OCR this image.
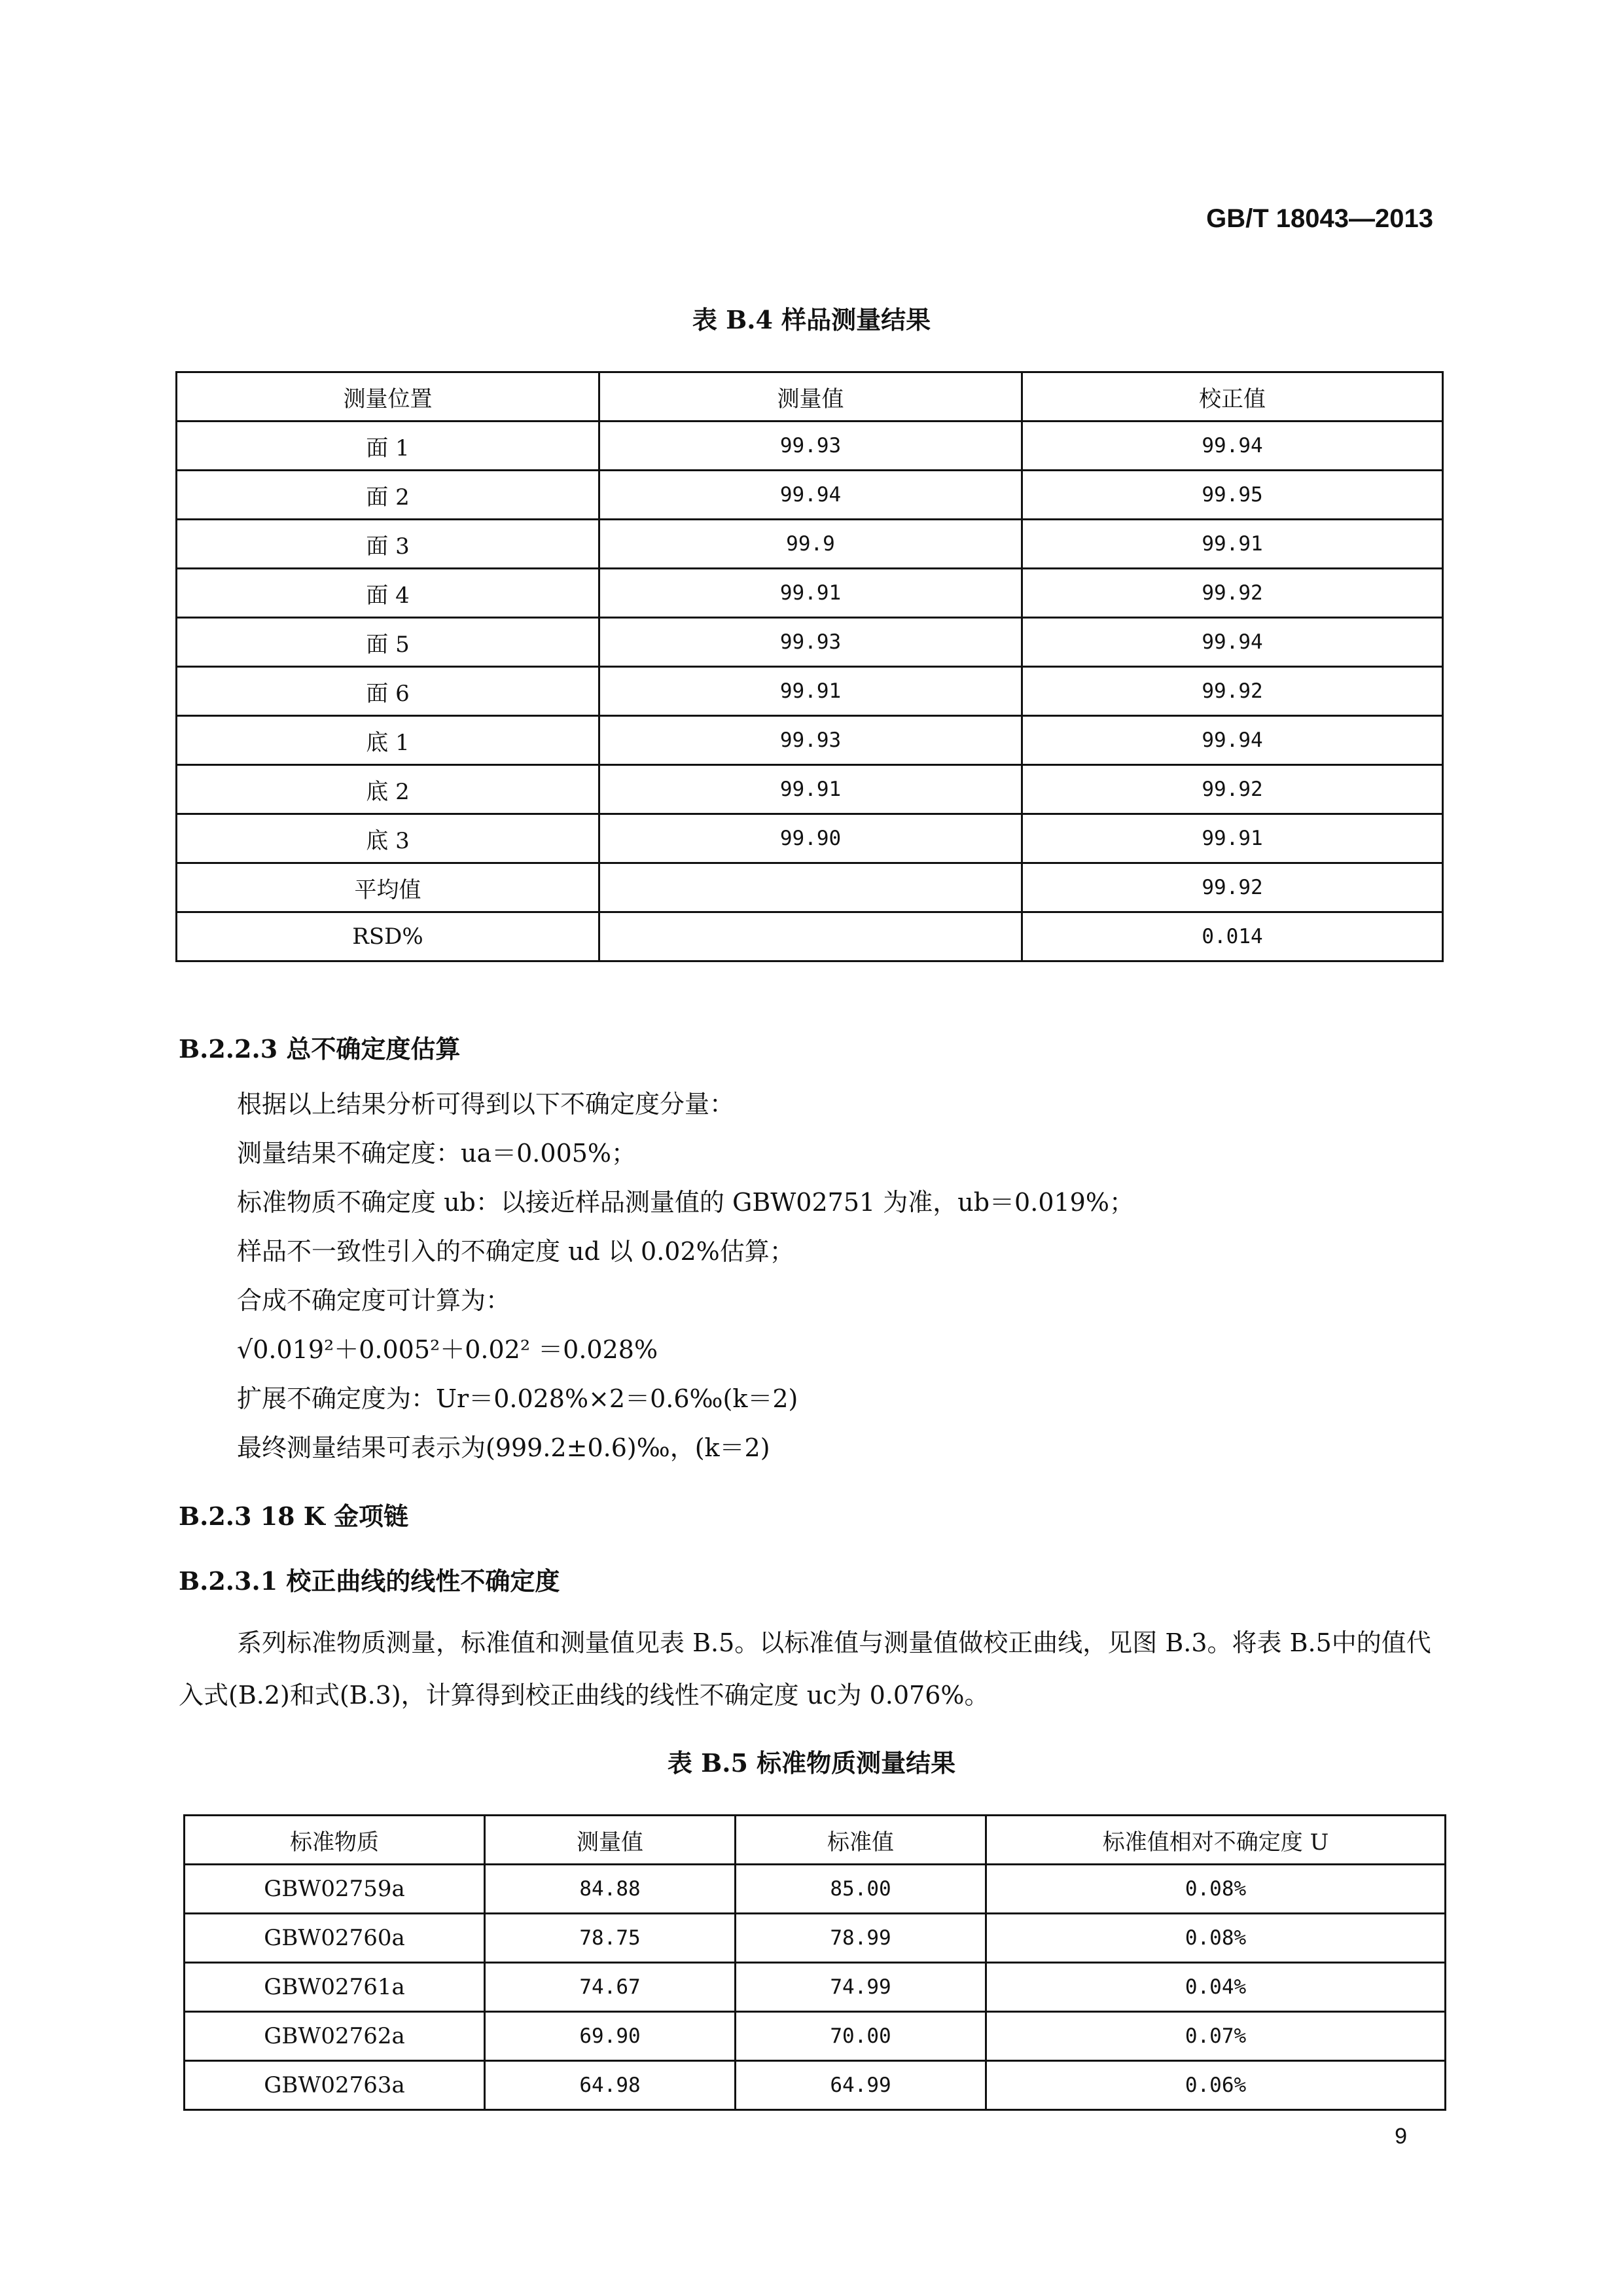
GB/T 18043—2013
表 B.4 样品测量结果
测量位置	测量值	校正值
面 1	99.93	99.94
面 2	99.94	99.95
面 3	99.9	99.91
面 4	99.91	99.92
面 5	99.93	99.94
面 6	99.91	99.92
底 1	99.93	99.94
底 2	99.91	99.92
底 3	99.90	99.91
平均值		99.92
RSD%		0.014
B.2.2.3 总不确定度估算
根据以上结果分析可得到以下不确定度分量：
测量结果不确定度：ua＝0.005%；
标准物质不确定度 ub：以接近样品测量值的 GBW02751 为准，ub＝0.019%；
样品不一致性引入的不确定度 ud 以 0.02%估算；
合成不确定度可计算为：
√0.019²＋0.005²＋0.02² ＝0.028%
扩展不确定度为：Ur＝0.028%×2＝0.6‰(k＝2)
最终测量结果可表示为(999.2±0.6)‰，(k＝2)
B.2.3 18 K 金项链
B.2.3.1 校正曲线的线性不确定度
系列标准物质测量，标准值和测量值见表 B.5。以标准值与测量值做校正曲线，见图 B.3。将表 B.5中的值代入式(B.2)和式(B.3)，计算得到校正曲线的线性不确定度 uc为 0.076%。
表 B.5 标准物质测量结果
标准物质	测量值	标准值	标准值相对不确定度 U
GBW02759a	84.88	85.00	0.08%
GBW02760a	78.75	78.99	0.08%
GBW02761a	74.67	74.99	0.04%
GBW02762a	69.90	70.00	0.07%
GBW02763a	64.98	64.99	0.06%
9
